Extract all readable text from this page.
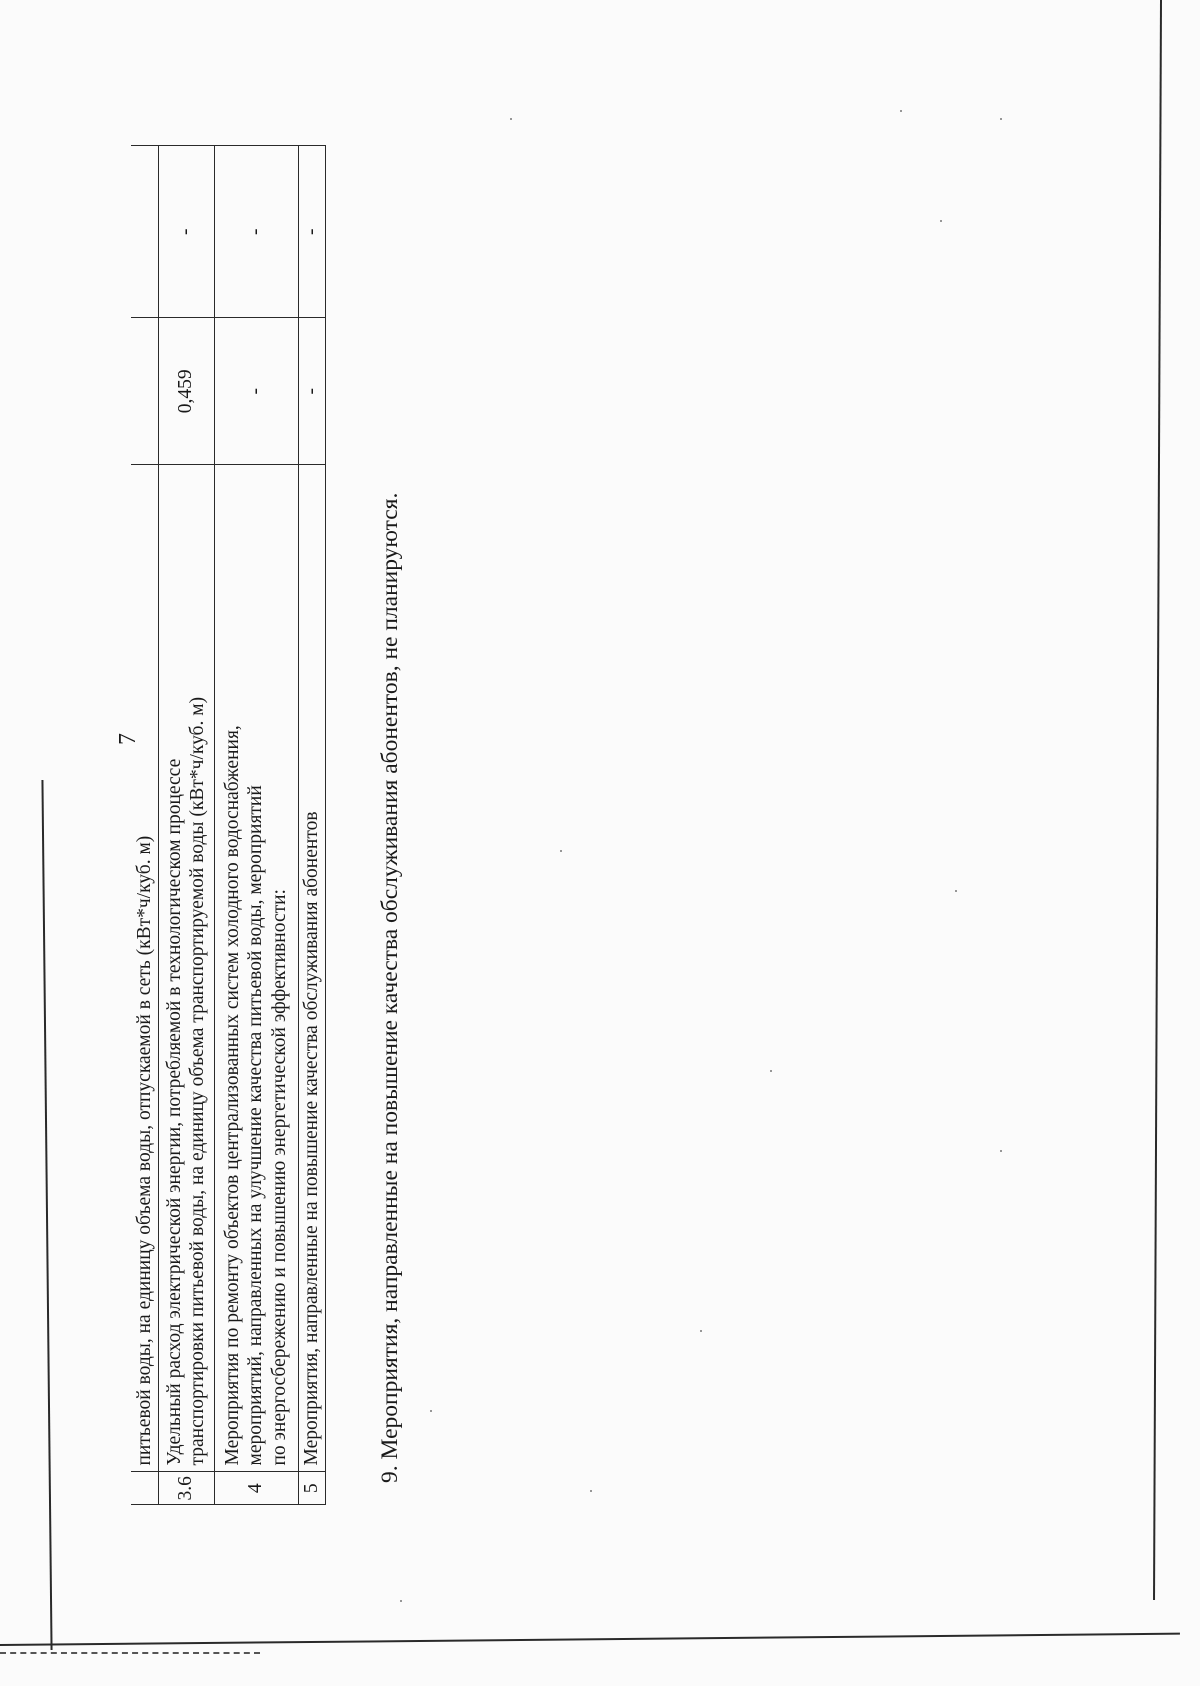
7

	питьевой воды, на единицу объема воды, отпускаемой в сеть (кВт*ч/куб. м)		

3.6	Удельный расход электрической энергии, потребляемой в технологическом процессе транспортировки питьевой воды, на единицу объема транспортируемой воды (кВт*ч/куб. м)	0,459	-
4	Мероприятия по ремонту объектов централизованных систем холодного водоснабжения, мероприятий, направленных на улучшение качества питьевой воды, мероприятий по энергосбережению и повышению энергетической эффективности:	-	-
5	Мероприятия, направленные на повышение качества обслуживания абонентов	-	-
9. Мероприятия, направленные на повышение качества обслуживания абонентов, не планируются.
